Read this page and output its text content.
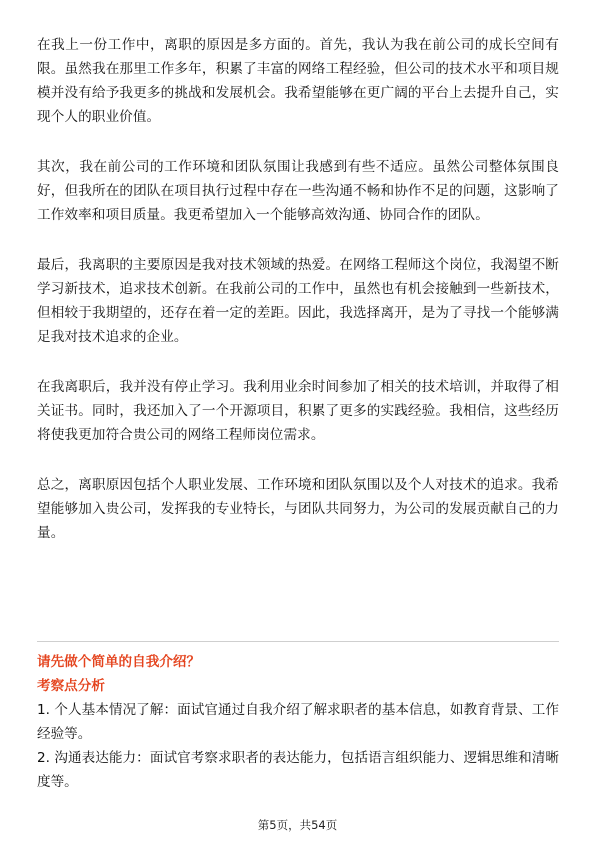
在我上一份工作中，离职的原因是多方面的。首先，我认为我在前公司的成长空间有限。虽然我在那里工作多年，积累了丰富的网络工程经验，但公司的技术水平和项目规模并没有给予我更多的挑战和发展机会。我希望能够在更广阔的平台上去提升自己，实现个人的职业价值。

其次，我在前公司的工作环境和团队氛围让我感到有些不适应。虽然公司整体氛围良好，但我所在的团队在项目执行过程中存在一些沟通不畅和协作不足的问题，这影响了工作效率和项目质量。我更希望加入一个能够高效沟通、协同合作的团队。

最后，我离职的主要原因是我对技术领域的热爱。在网络工程师这个岗位，我渴望不断学习新技术，追求技术创新。在我前公司的工作中，虽然也有机会接触到一些新技术，但相较于我期望的，还存在着一定的差距。因此，我选择离开，是为了寻找一个能够满足我对技术追求的企业。

在我离职后，我并没有停止学习。我利用业余时间参加了相关的技术培训，并取得了相关证书。同时，我还加入了一个开源项目，积累了更多的实践经验。我相信，这些经历将使我更加符合贵公司的网络工程师岗位需求。

总之，离职原因包括个人职业发展、工作环境和团队氛围以及个人对技术的追求。我希望能够加入贵公司，发挥我的专业特长，与团队共同努力，为公司的发展贡献自己的力量。

请先做个简单的自我介绍？

考察点分析

1. 个人基本情况了解：面试官通过自我介绍了解求职者的基本信息，如教育背景、工作经验等。

2. 沟通表达能力：面试官考察求职者的表达能力，包括语言组织能力、逻辑思维和清晰度等。

第5页，共54页
